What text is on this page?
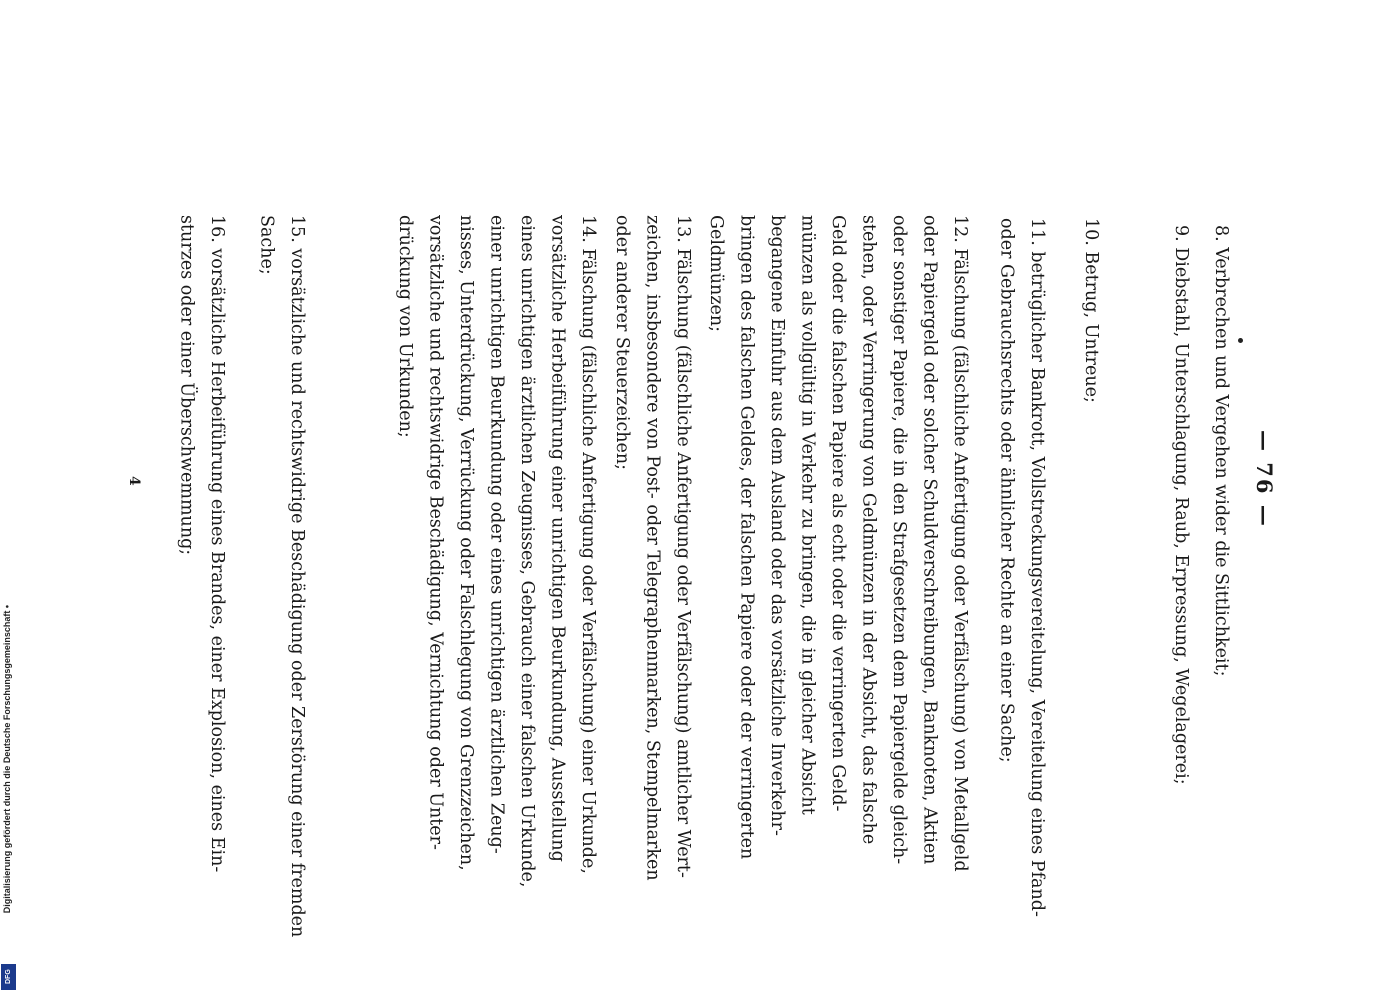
— 76 —
8. Verbrechen und Vergehen wider die Sittlichkeit;
9. Diebstahl, Unterschlagung, Raub, Erpressung, Wegelagerei;
10. Betrug, Untreue;
11. betrüglicher Bankrott, Vollstreckungsvereitelung, Vereitelung eines Pfand-
oder Gebrauchsrechts oder ähnlicher Rechte an einer Sache;
12. Fälschung (fälschliche Anfertigung oder Verfälschung) von Metallgeld
oder Papiergeld oder solcher Schuldverschreibungen, Banknoten, Aktien
oder sonstiger Papiere, die in den Strafgesetzen dem Papiergelde gleich-
stehen, oder Verringerung von Geldmünzen in der Absicht, das falsche
Geld oder die falschen Papiere als echt oder die verringerten Geld-
münzen als vollgültig in Verkehr zu bringen, die in gleicher Absicht
begangene Einfuhr aus dem Ausland oder das vorsätzliche Inverkehr-
bringen des falschen Geldes, der falschen Papiere oder der verringerten
Geldmünzen;
13. Fälschung (fälschliche Anfertigung oder Verfälschung) amtlicher Wert-
zeichen, insbesondere von Post- oder Telegraphenmarken, Stempelmarken
oder anderer Steuerzeichen;
14. Fälschung (fälschliche Anfertigung oder Verfälschung) einer Urkunde,
vorsätzliche Herbeiführung einer unrichtigen Beurkundung, Ausstellung
eines unrichtigen ärztlichen Zeugnisses, Gebrauch einer falschen Urkunde,
einer unrichtigen Beurkundung oder eines unrichtigen ärztlichen Zeug-
nisses, Unterdrückung, Verrückung oder Falschlegung von Grenzzeichen,
vorsätzliche und rechtswidrige Beschädigung, Vernichtung oder Unter-
drückung von Urkunden;
15. vorsätzliche und rechtswidrige Beschädigung oder Zerstörung einer fremden
Sache;
16. vorsätzliche Herbeiführung eines Brandes, einer Explosion, eines Ein-
sturzes oder einer Überschwemmung;
4
Digitalisierung gefördert durch die Deutsche Forschungsgemeinschaft •
DFG
